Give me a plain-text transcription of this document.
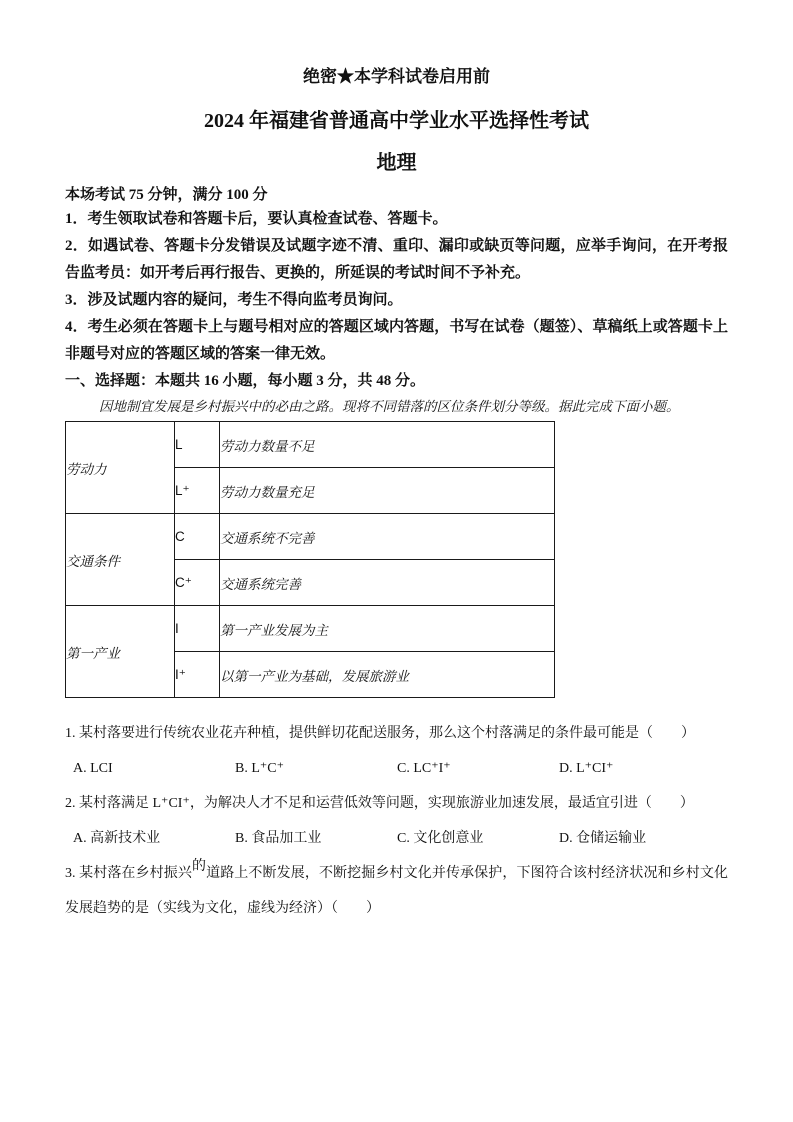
绝密★本学科试卷启用前
2024 年福建省普通高中学业水平选择性考试
地理
本场考试 75 分钟，满分 100 分

1．考生领取试卷和答题卡后，要认真检查试卷、答题卡。

2．如遇试卷、答题卡分发错误及试题字迹不清、重印、漏印或缺页等问题，应举手询问，在开考报告监考员：如开考后再行报告、更换的，所延误的考试时间不予补充。

3．涉及试题内容的疑问，考生不得向监考员询问。

4．考生必须在答题卡上与题号相对应的答题区域内答题，书写在试卷（题签）、草稿纸上或答题卡上非题号对应的答题区域的答案一律无效。

一、选择题：本题共 16 小题，每小题 3 分，共 48 分。

因地制宜发展是乡村振兴中的必由之路。现将不同错落的区位条件划分等级。据此完成下面小题。

劳动力	L	劳动力数量不足
	L⁺	劳动力数量充足
交通条件	C	交通系统不完善
	C⁺	交通系统完善
第一产业	I	第一产业发展为主
	I⁺	以第一产业为基础，发展旅游业

1. 某村落要进行传统农业花卉种植，提供鲜切花配送服务，那么这个村落满足的条件最可能是（　　）

A. LCI	B. L⁺C⁺	C. LC⁺I⁺	D. L⁺CI⁺

2. 某村落满足 L⁺CI⁺，为解决人才不足和运营低效等问题，实现旅游业加速发展，最适宜引进（　　）

A. 高新技术业	B. 食品加工业	C. 文化创意业	D. 仓储运输业

3. 某村落在乡村振兴的道路上不断发展，不断挖掘乡村文化并传承保护，下图符合该村经济状况和乡村文化发展趋势的是（实线为文化，虚线为经济）（　　）
